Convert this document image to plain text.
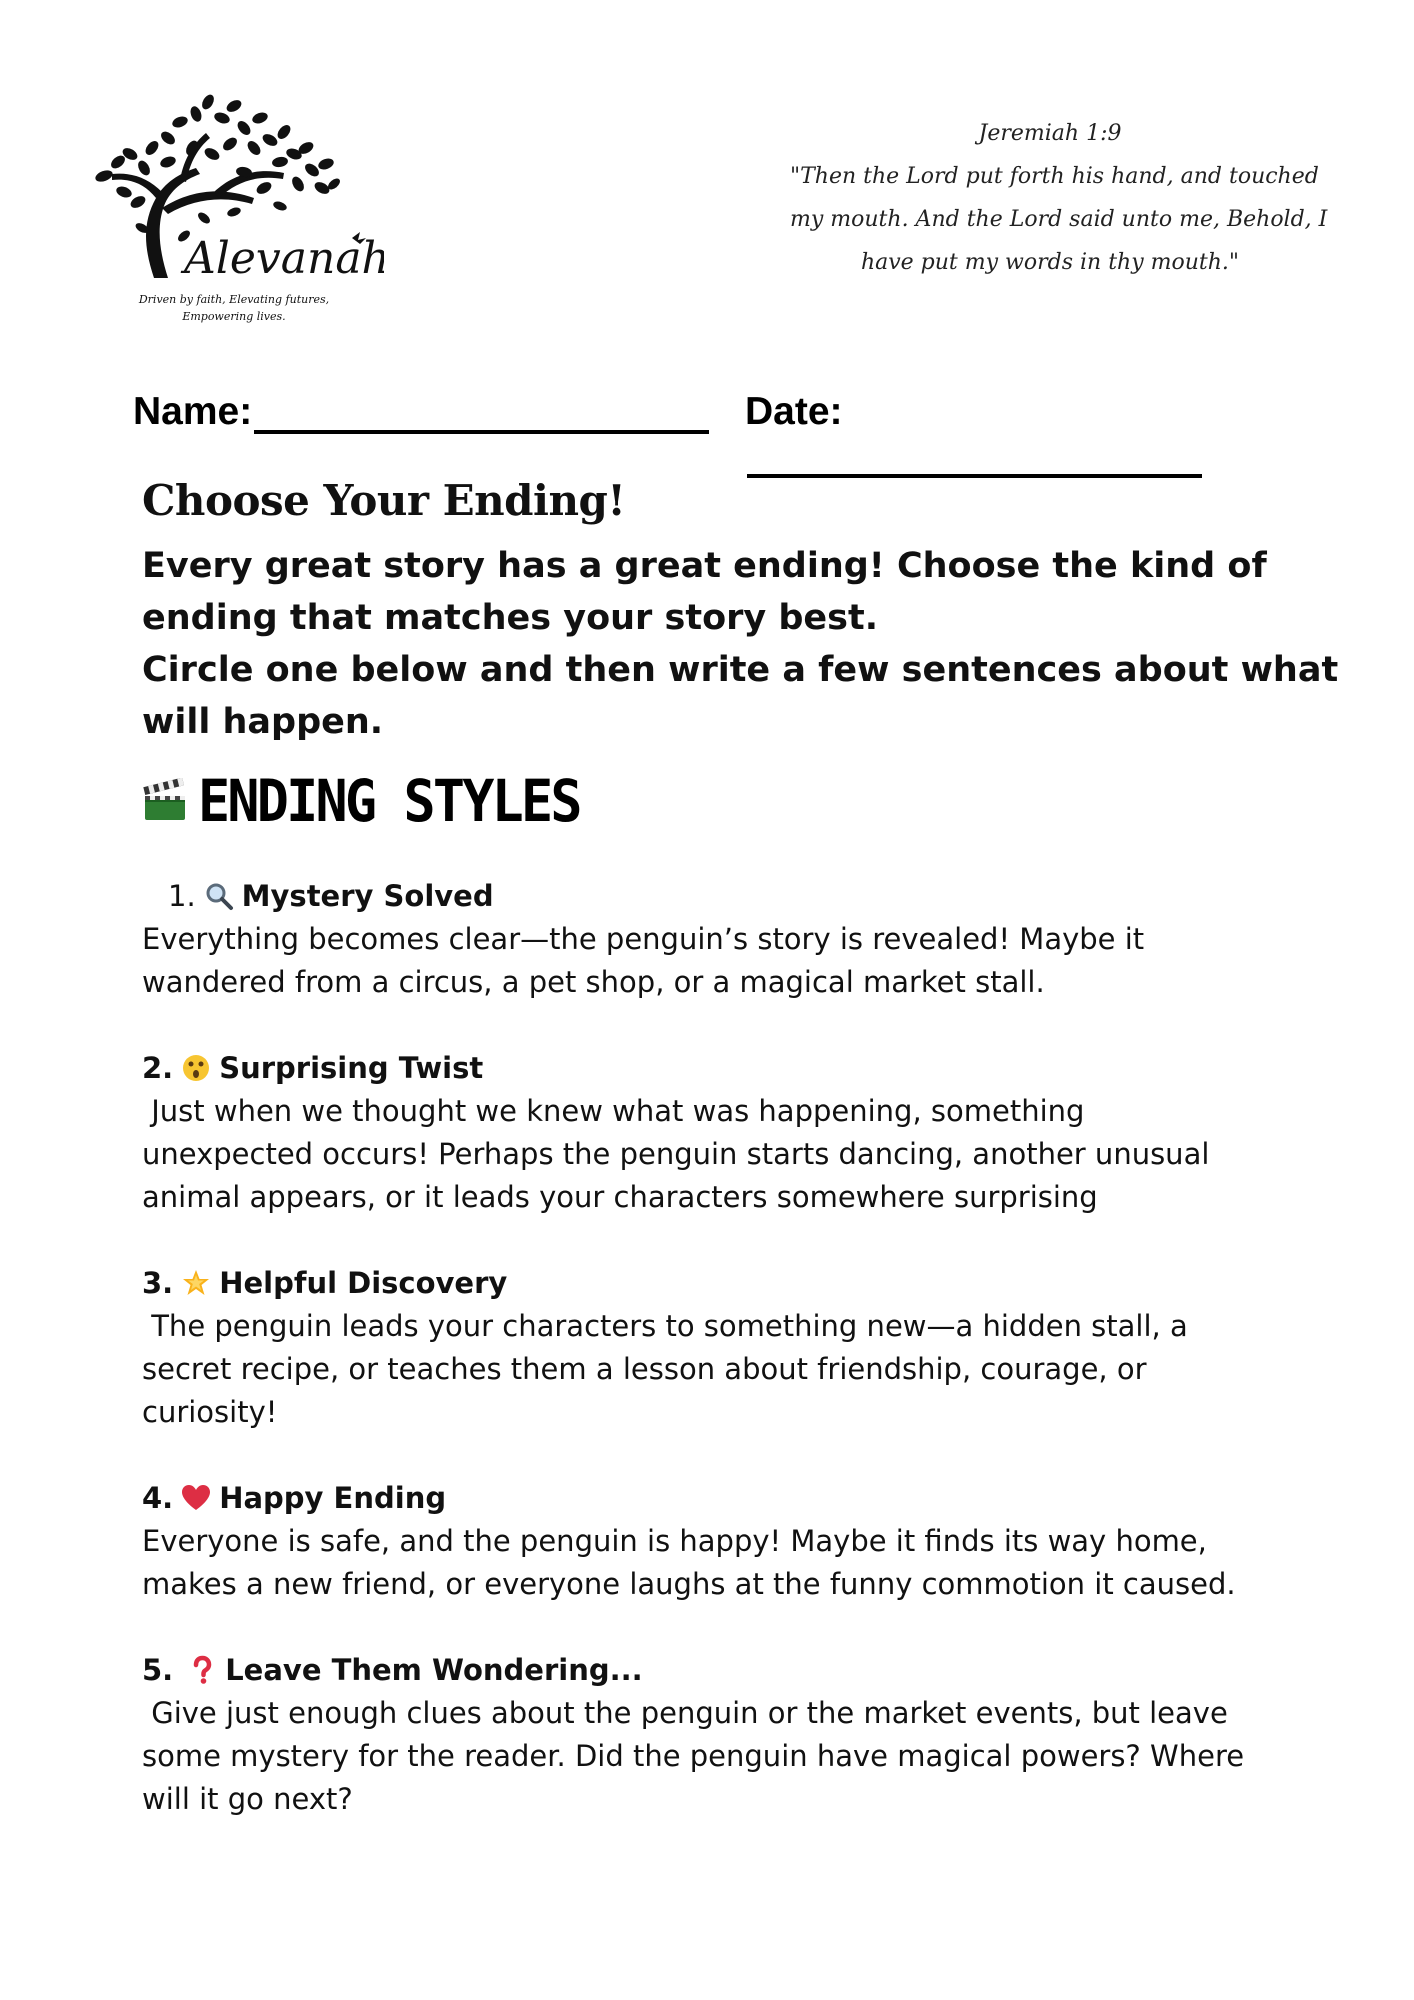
Alevanah
Driven by faith, Elevating futures,
Empowering lives.
Jeremiah 1:9
"Then the Lord put forth his hand, and touched
my mouth. And the Lord said unto me, Behold, I
have put my words in thy mouth."
Name:	Date:
Choose Your Ending!
Every great story has a great ending! Choose the kind of
ending that matches your story best.
Circle one below and then write a few sentences about what
will happen.
ENDING STYLES
1. Mystery Solved
Everything becomes clear—the penguin’s story is revealed! Maybe it
wandered from a circus, a pet shop, or a magical market stall.
2. Surprising Twist
Just when we thought we knew what was happening, something
unexpected occurs! Perhaps the penguin starts dancing, another unusual
animal appears, or it leads your characters somewhere surprising
3. Helpful Discovery
The penguin leads your characters to something new—a hidden stall, a
secret recipe, or teaches them a lesson about friendship, courage, or
curiosity!
4. Happy Ending
Everyone is safe, and the penguin is happy! Maybe it finds its way home,
makes a new friend, or everyone laughs at the funny commotion it caused.
5. Leave Them Wondering...
Give just enough clues about the penguin or the market events, but leave
some mystery for the reader. Did the penguin have magical powers? Where
will it go next?
